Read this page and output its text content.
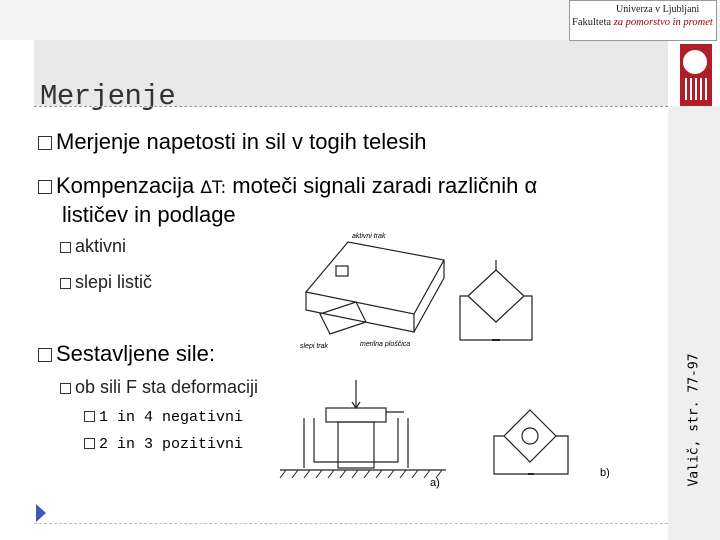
Univerza v Ljubljani
Fakulteta za pomorstvo in promet
Merjenje
Valič, str. 77-97
Merjenje napetosti in sil v togih telesih
Kompenzacija ΔT: moteči signali zaradi različnih α
lističev in podlage
aktivni
slepi listič
Sestavljene sile:
ob sili F sta deformaciji
1 in 4 negativni
2 in 3 pozitivni
aktivni trak
slepi trak	merilna ploščica
a)
b)
